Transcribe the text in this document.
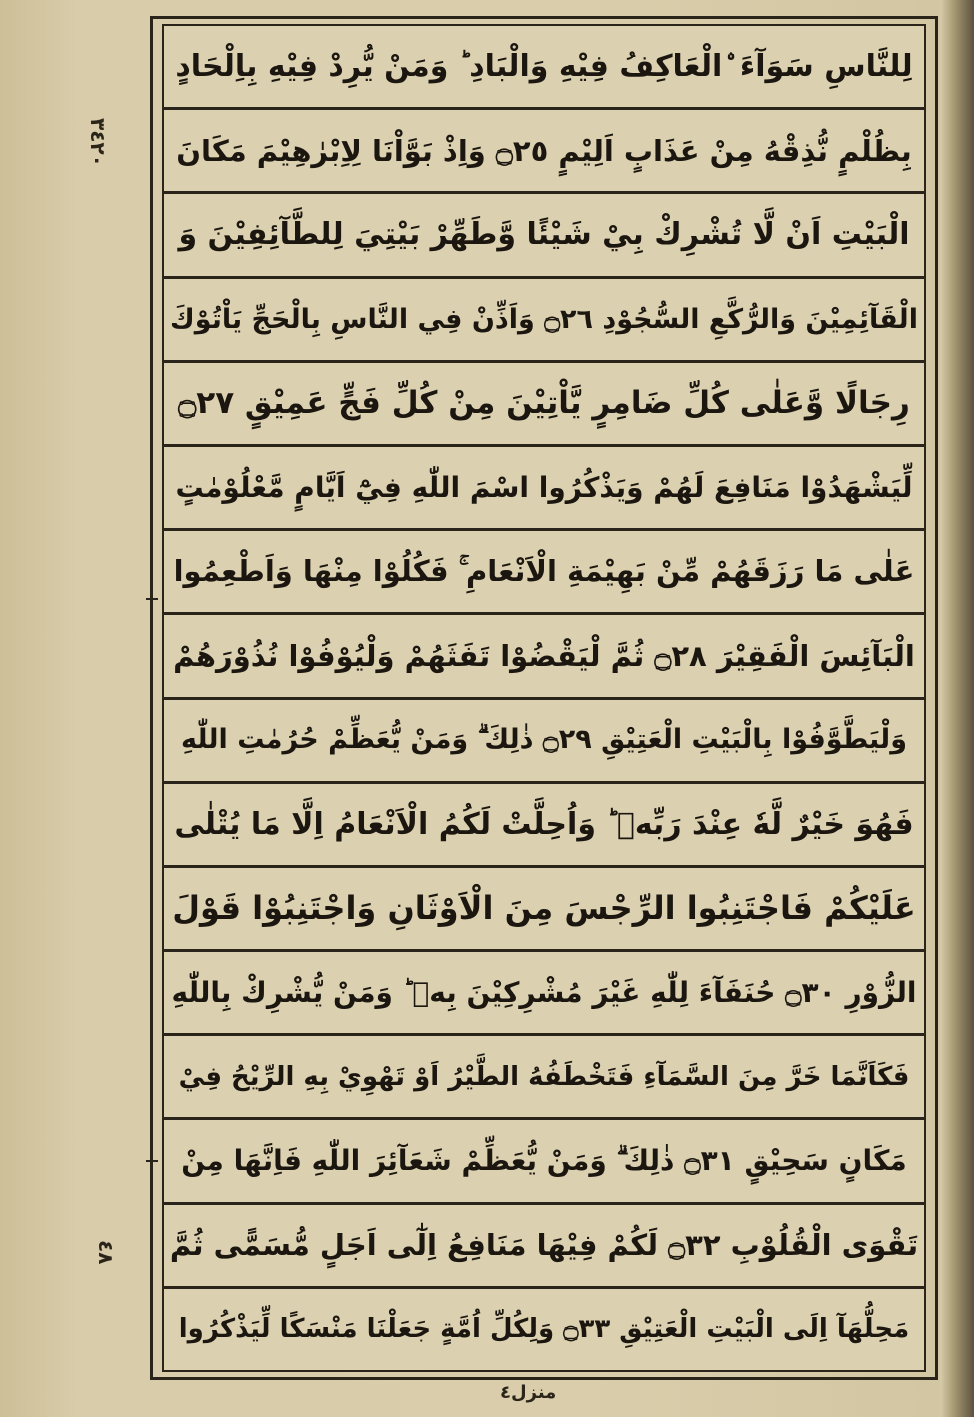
لِلنَّاسِ سَوَآءَ ۨالْعَاكِفُ فِيْهِ وَالْبَادِ ؕ وَمَنْ يُّرِدْ فِيْهِ بِاِلْحَادٍ
بِظُلْمٍ نُّذِقْهُ مِنْ عَذَابٍ اَلِيْمٍ ۝٢٥ وَاِذْ بَوَّاْنَا لِاِبْرٰهِيْمَ مَكَانَ
الْبَيْتِ اَنْ لَّا تُشْرِكْ بِيْ شَيْئًا وَّطَهِّرْ بَيْتِيَ لِلطَّآئِفِيْنَ وَ
الْقَآئِمِيْنَ وَالرُّكَّعِ السُّجُوْدِ ۝٢٦ وَاَذِّنْ فِي النَّاسِ بِالْحَجِّ يَاْتُوْكَ
رِجَالًا وَّعَلٰى كُلِّ ضَامِرٍ يَّاْتِيْنَ مِنْ كُلِّ فَجٍّ عَمِيْقٍ ۝٢٧
لِّيَشْهَدُوْا مَنَافِعَ لَهُمْ وَيَذْكُرُوا اسْمَ اللّٰهِ فِيْٓ اَيَّامٍ مَّعْلُوْمٰتٍ
عَلٰى مَا رَزَقَهُمْ مِّنْ بَهِيْمَةِ الْاَنْعَامِ ۚ فَكُلُوْا مِنْهَا وَاَطْعِمُوا
الْبَآئِسَ الْفَقِيْرَ ۝٢٨ ثُمَّ لْيَقْضُوْا تَفَثَهُمْ وَلْيُوْفُوْا نُذُوْرَهُمْ
وَلْيَطَّوَّفُوْا بِالْبَيْتِ الْعَتِيْقِ ۝٢٩ ذٰلِكَ ۗ وَمَنْ يُّعَظِّمْ حُرُمٰتِ اللّٰهِ
فَهُوَ خَيْرٌ لَّهٗ عِنْدَ رَبِّهٖ ؕ وَاُحِلَّتْ لَكُمُ الْاَنْعَامُ اِلَّا مَا يُتْلٰى
عَلَيْكُمْ فَاجْتَنِبُوا الرِّجْسَ مِنَ الْاَوْثَانِ وَاجْتَنِبُوْا قَوْلَ
الزُّوْرِ ۝٣٠ حُنَفَآءَ لِلّٰهِ غَيْرَ مُشْرِكِيْنَ بِهٖ ؕ وَمَنْ يُّشْرِكْ بِاللّٰهِ
فَكَاَنَّمَا خَرَّ مِنَ السَّمَآءِ فَتَخْطَفُهُ الطَّيْرُ اَوْ تَهْوِيْ بِهِ الرِّيْحُ فِيْ
مَكَانٍ سَحِيْقٍ ۝٣١ ذٰلِكَ ۗ وَمَنْ يُّعَظِّمْ شَعَآئِرَ اللّٰهِ فَاِنَّهَا مِنْ
تَقْوَى الْقُلُوْبِ ۝٣٢ لَكُمْ فِيْهَا مَنَافِعُ اِلٰٓى اَجَلٍ مُّسَمًّى ثُمَّ
مَحِلُّهَآ اِلَى الْبَيْتِ الْعَتِيْقِ ۝٣٣ وَلِكُلِّ اُمَّةٍ جَعَلْنَا مَنْسَكًا لِّيَذْكُرُوا
٣٤٢٠
٤٨
منزل٤
